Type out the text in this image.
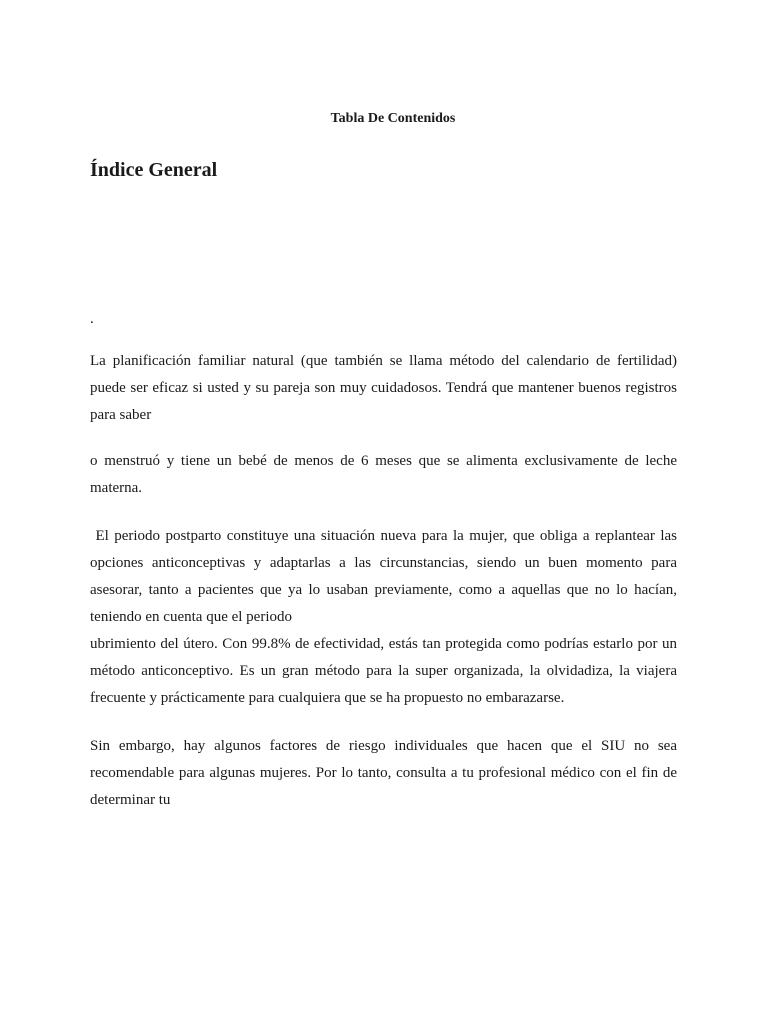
Tabla De Contenidos
Índice General

.

La planificación familiar natural (que también se llama método del calendario de fertilidad) puede ser eficaz si usted y su pareja son muy cuidadosos. Tendrá que mantener buenos registros para saber

o menstruó y tiene un bebé de menos de 6 meses que se alimenta exclusivamente de leche materna.

El periodo postparto constituye una situación nueva para la mujer, que obliga a replantear las opciones anticonceptivas y adaptarlas a las circunstancias, siendo un buen momento para asesorar, tanto a pacientes que ya lo usaban previamente, como a aquellas que no lo hacían, teniendo en cuenta que el periodo

ubrimiento del útero. Con 99.8% de efectividad, estás tan protegida como podrías estarlo por un método anticonceptivo. Es un gran método para la super organizada, la olvidadiza, la viajera frecuente y prácticamente para cualquiera que se ha propuesto no embarazarse.

Sin embargo, hay algunos factores de riesgo individuales que hacen que el SIU no sea recomendable para algunas mujeres. Por lo tanto, consulta a tu profesional médico con el fin de determinar tu
